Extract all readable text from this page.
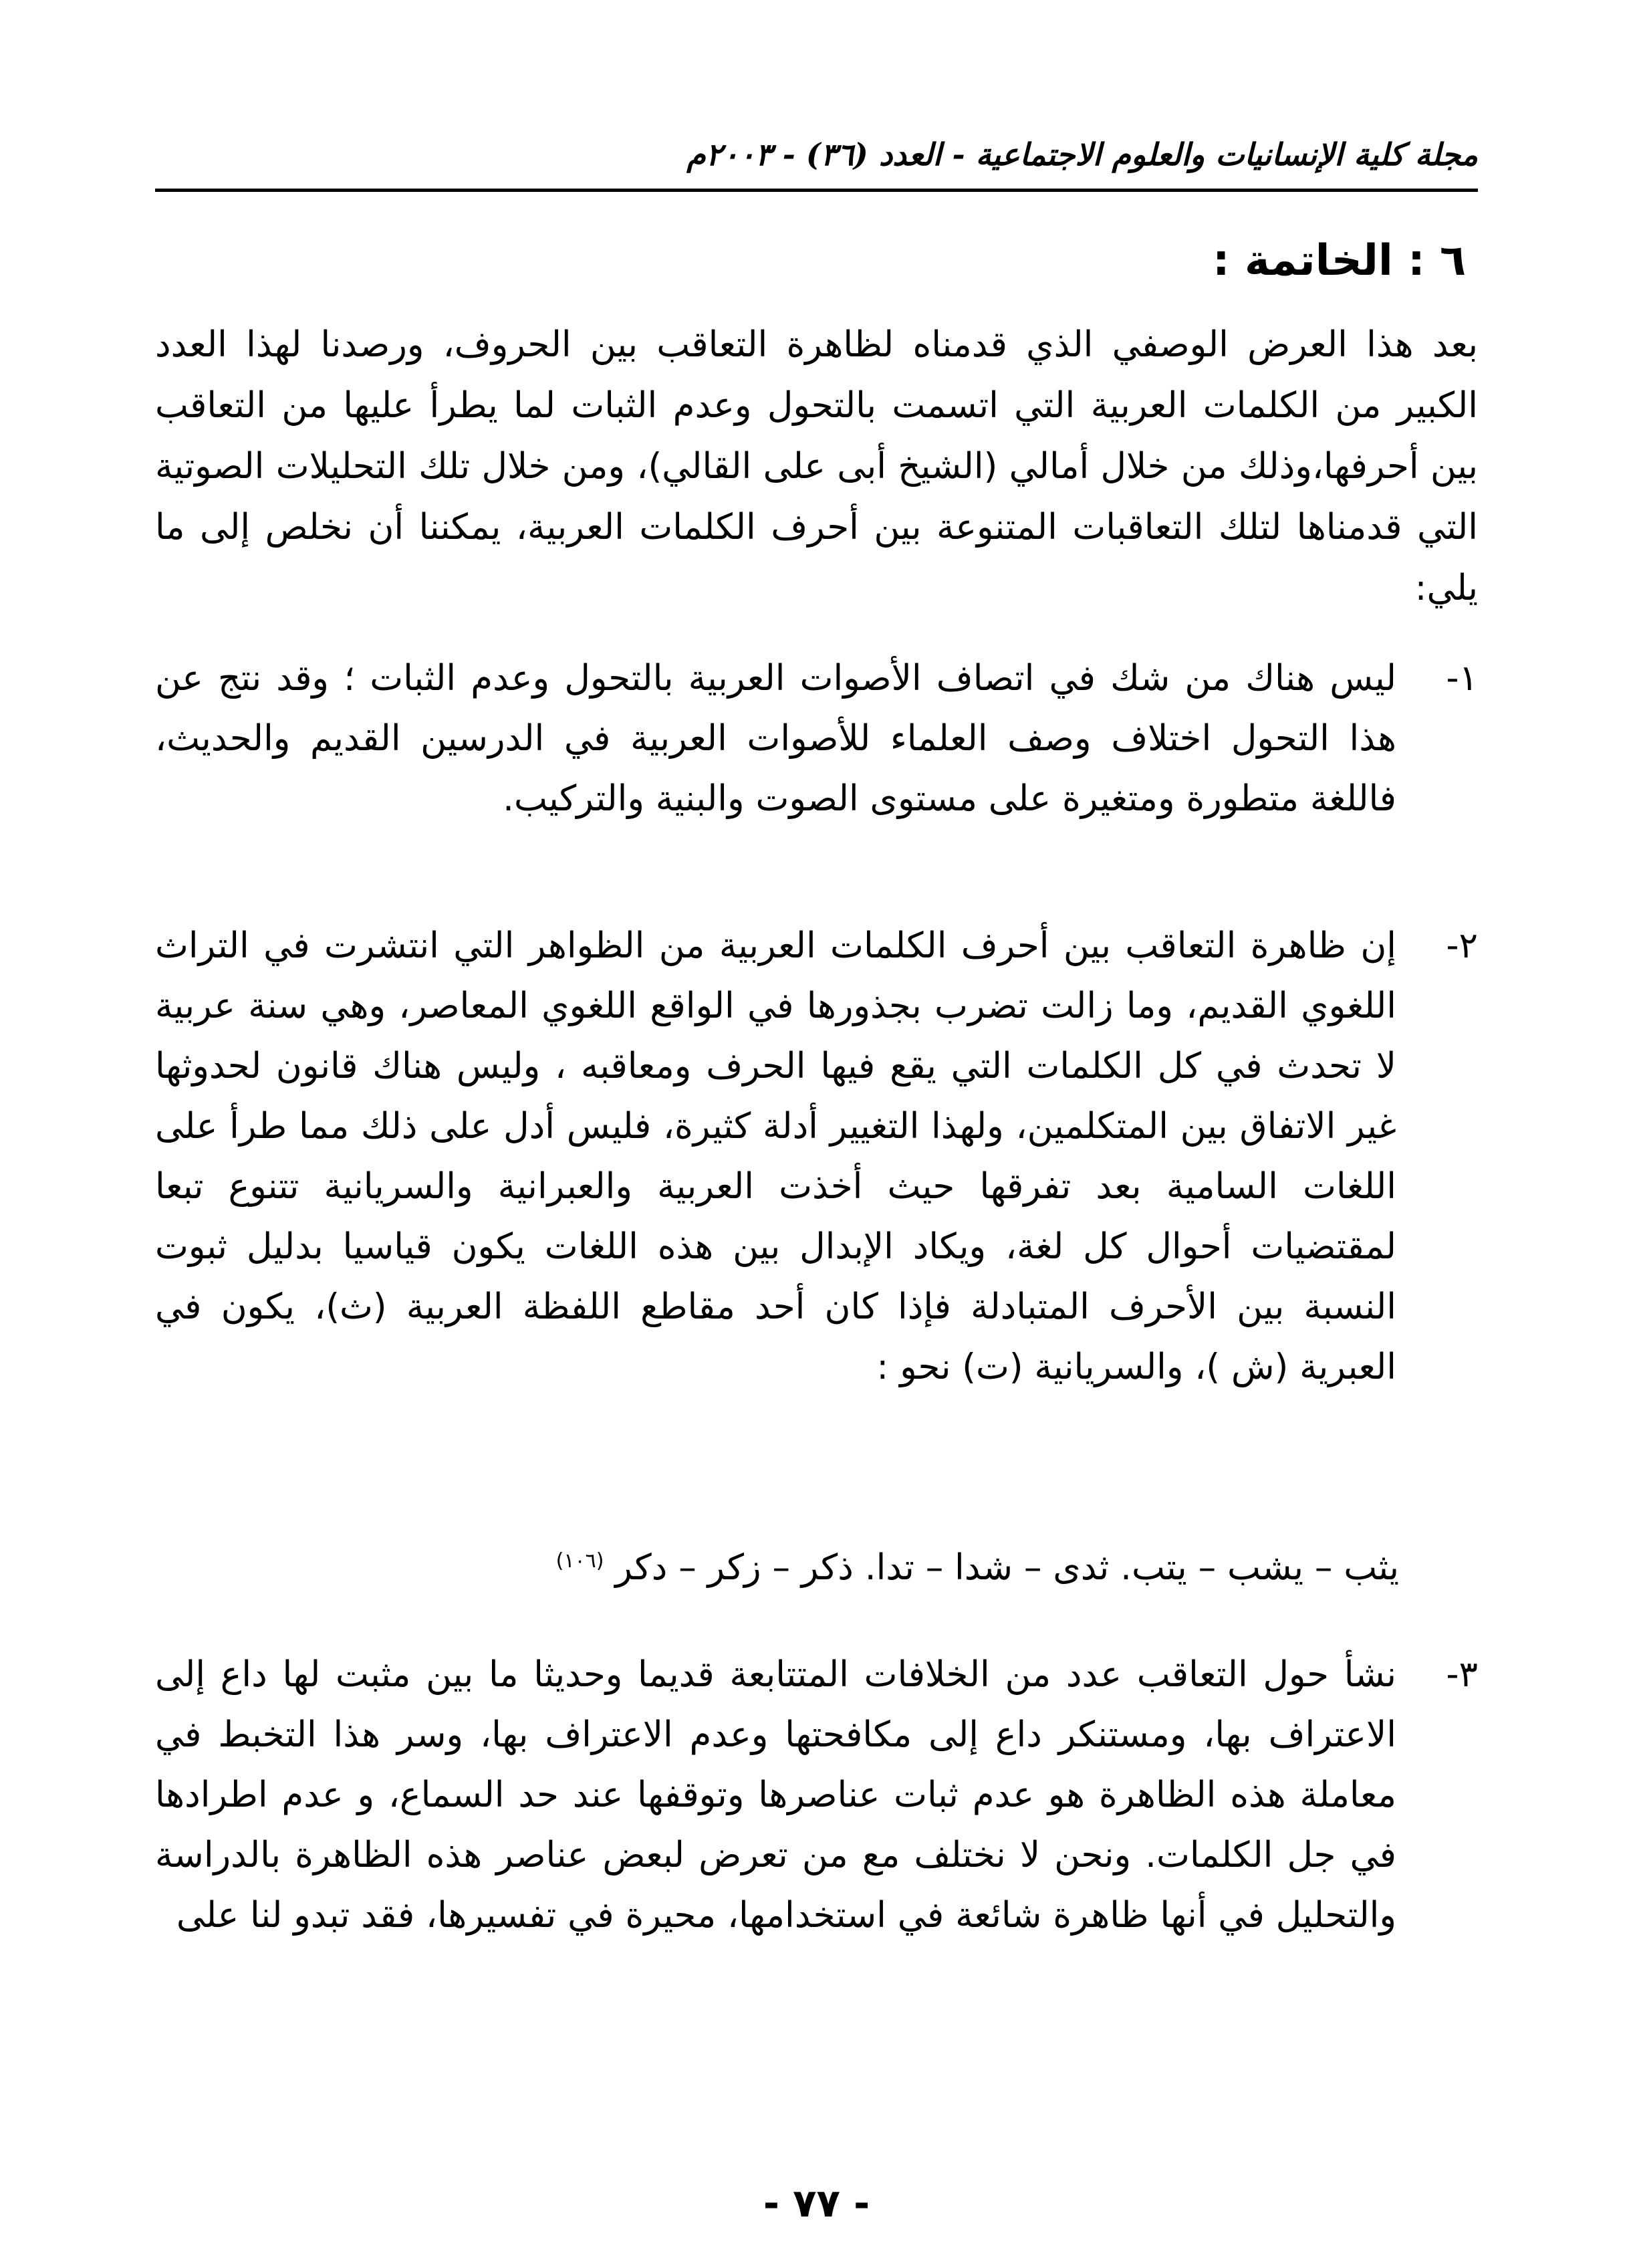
مجلة كلية الإنسانيات والعلوم الاجتماعية - العدد (٣٦) - ٢٠٠٣م
٦ : الخاتمة :

بعد هذا العرض الوصفي الذي قدمناه لظاهرة التعاقب بين الحروف، ورصدنا لهذا العدد الكبير من الكلمات العربية التي اتسمت بالتحول وعدم الثبات لما يطرأ عليها من التعاقب بين أحرفها،وذلك من خلال أمالي (الشيخ أبى على القالي)، ومن خلال تلك التحليلات الصوتية التي قدمناها لتلك التعاقبات المتنوعة بين أحرف الكلمات العربية، يمكننا أن نخلص إلى ما يلي:

١-
ليس هناك من شك في اتصاف الأصوات العربية بالتحول وعدم الثبات ؛ وقد نتج عن هذا التحول اختلاف وصف العلماء للأصوات العربية في الدرسين القديم والحديث، فاللغة متطورة ومتغيرة على مستوى الصوت والبنية والتركيب.
٢-
إن ظاهرة التعاقب بين أحرف الكلمات العربية من الظواهر التي انتشرت في التراث اللغوي القديم، وما زالت تضرب بجذورها في الواقع اللغوي المعاصر، وهي سنة عربية لا تحدث في كل الكلمات التي يقع فيها الحرف ومعاقبه ، وليس هناك قانون لحدوثها غير الاتفاق بين المتكلمين، ولهذا التغيير أدلة كثيرة، فليس أدل على ذلك مما طرأ على اللغات السامية بعد تفرقها حيث أخذت العربية والعبرانية والسريانية تتنوع تبعا لمقتضيات أحوال كل لغة، ويكاد الإبدال بين هذه اللغات يكون قياسيا بدليل ثبوت النسبة بين الأحرف المتبادلة فإذا كان أحد مقاطع اللفظة العربية (ث)، يكون في العبرية (ش )، والسريانية (ت) نحو :
٣-
نشأ حول التعاقب عدد من الخلافات المتتابعة قديما وحديثا ما بين مثبت لها داع إلى الاعتراف بها، ومستنكر داع إلى مكافحتها وعدم الاعتراف بها، وسر هذا التخبط في معاملة هذه الظاهرة هو عدم ثبات عناصرها وتوقفها عند حد السماع، و عدم اطرادها في جل الكلمات. ونحن لا نختلف مع من تعرض لبعض عناصر هذه الظاهرة بالدراسة والتحليل في أنها ظاهرة شائعة في استخدامها، محيرة في تفسيرها، فقد تبدو لنا على
يثب – يشب – يتب. ثدى – شدا – تدا. ذكر – زكر – دكر $^{(١٠٦)}$
- ٧٧ -
